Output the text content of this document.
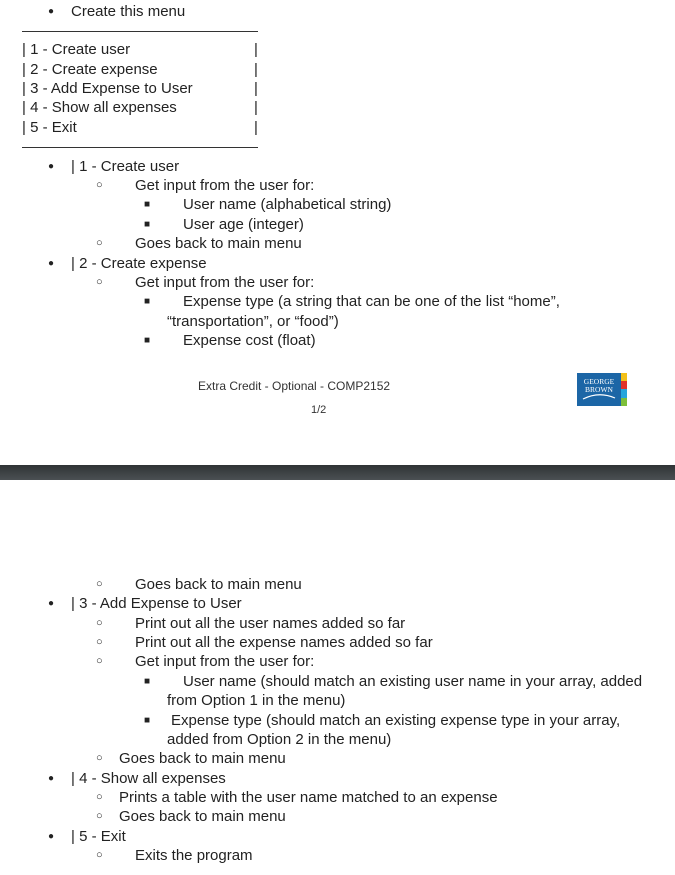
● Create this menu
| 1 - Create user	|
| 2 - Create expense	|
| 3 - Add Expense to User	|
| 4 - Show all expenses	|
| 5 - Exit	|
● | 1 - Create user
○ Get input from the user for:
■ User name (alphabetical string)
■ User age (integer)
○ Goes back to main menu
● | 2 - Create expense
○ Get input from the user for:
■ Expense type (a string that can be one of the list “home”,
“transportation”, or “food”)
■ Expense cost (float)
Extra Credit - Optional - COMP2152
1/2
GEORGE
BROWN
○ Goes back to main menu
● | 3 - Add Expense to User
○ Print out all the user names added so far
○ Print out all the expense names added so far
○ Get input from the user for:
■ User name (should match an existing user name in your array, added
from Option 1 in the menu)
■ Expense type (should match an existing expense type in your array,
added from Option 2 in the menu)
○ Goes back to main menu
● | 4 - Show all expenses
○ Prints a table with the user name matched to an expense
○ Goes back to main menu
● | 5 - Exit
○ Exits the program
